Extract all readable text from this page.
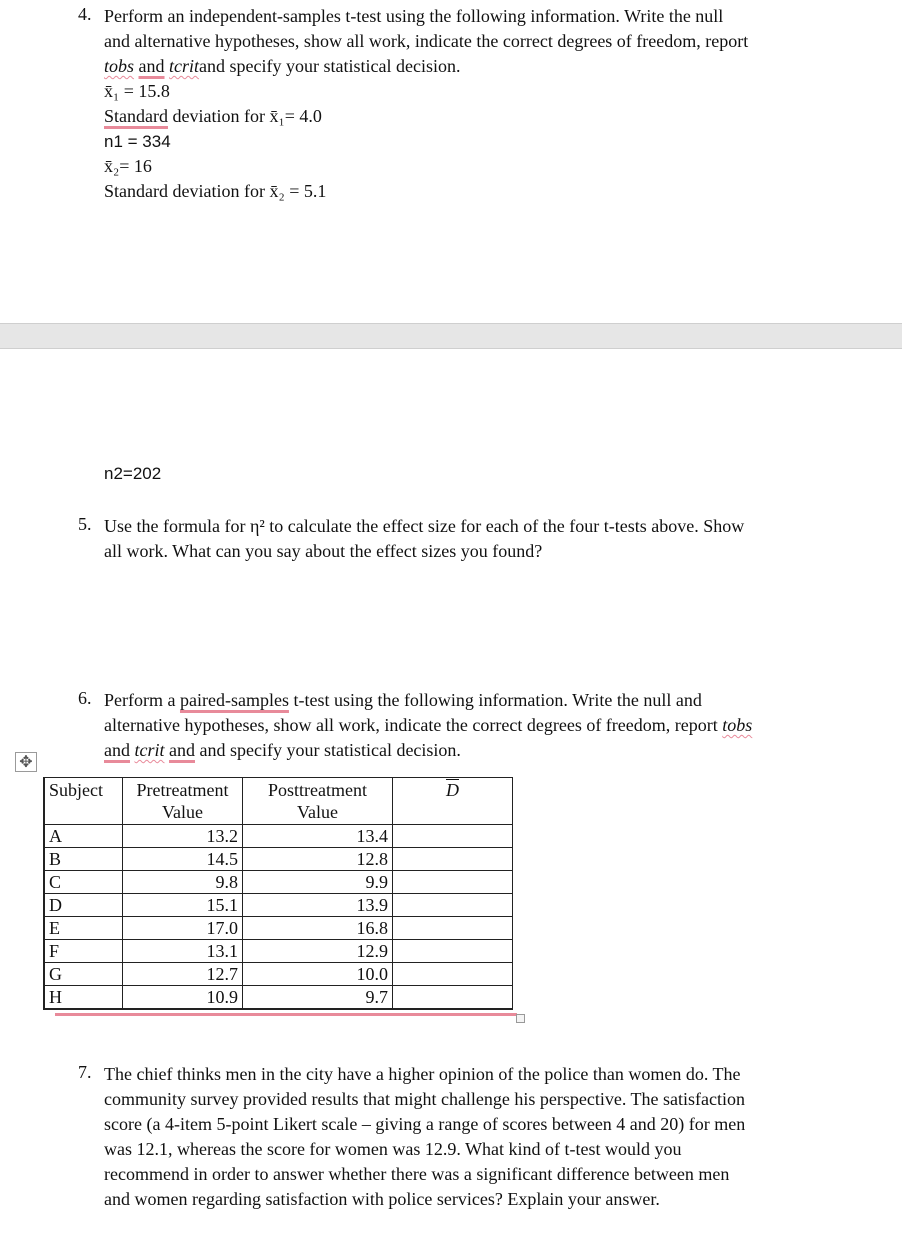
4. Perform an independent-samples t-test using the following information. Write the null
and alternative hypotheses, show all work, indicate the correct degrees of freedom, report
tobs and tcritand specify your statistical decision.
x̄₁ = 15.8
Standard deviation for x̄₁= 4.0
n1 = 334
x̄₂= 16
Standard deviation for x̄₂ = 5.1
n2=202
5. Use the formula for η² to calculate the effect size for each of the four t-tests above. Show
all work. What can you say about the effect sizes you found?
6. Perform a paired-samples t-test using the following information. Write the null and
alternative hypotheses, show all work, indicate the correct degrees of freedom, report tobs
and tcrit and and specify your statistical decision.
✥
Subject	Pretreatment Value	Posttreatment Value	$\overline{D}$
A	13.2	13.4	
B	14.5	12.8	
C	9.8	9.9	
D	15.1	13.9	
E	17.0	16.8	
F	13.1	12.9	
G	12.7	10.0	
H	10.9	9.7	
7. The chief thinks men in the city have a higher opinion of the police than women do. The
community survey provided results that might challenge his perspective. The satisfaction
score (a 4-item 5-point Likert scale – giving a range of scores between 4 and 20) for men
was 12.1, whereas the score for women was 12.9. What kind of t-test would you
recommend in order to answer whether there was a significant difference between men
and women regarding satisfaction with police services? Explain your answer.
